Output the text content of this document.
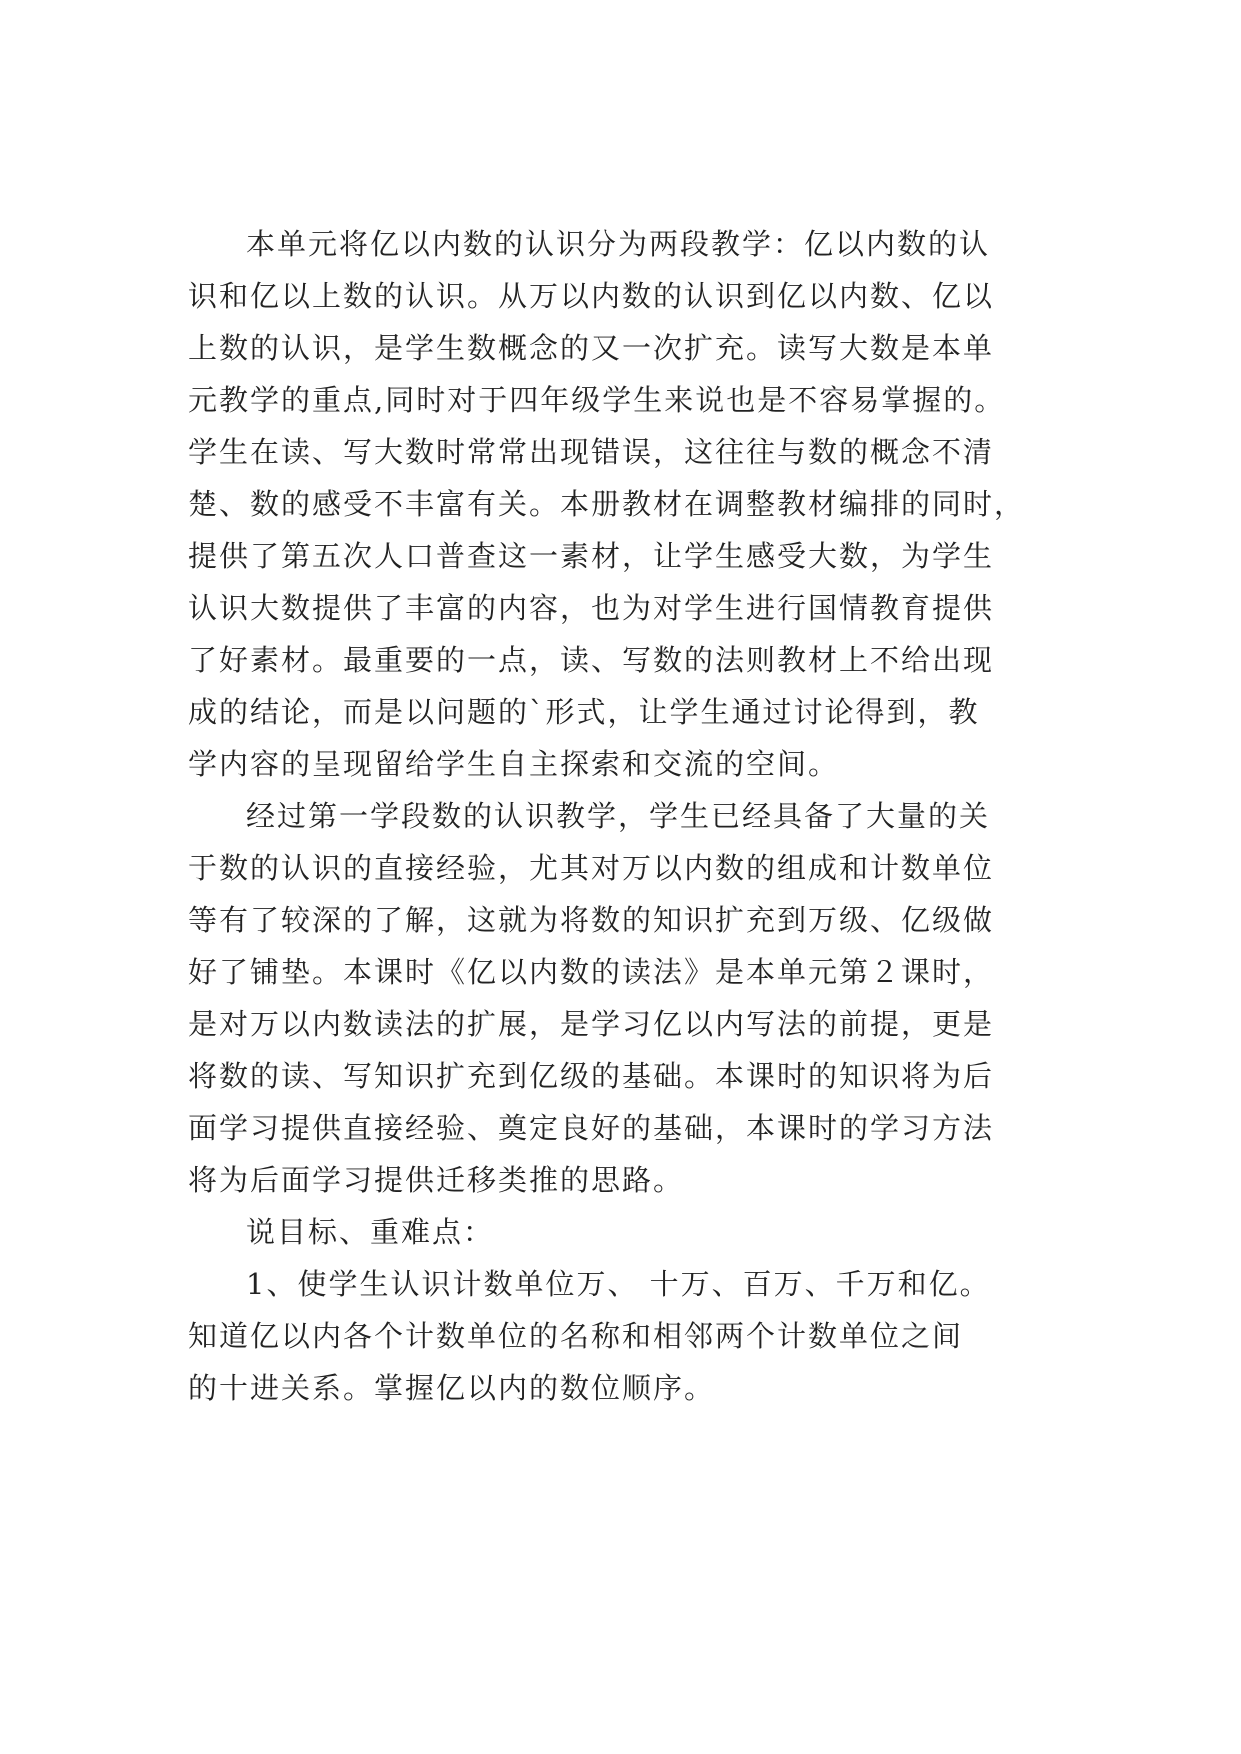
本单元将亿以内数的认识分为两段教学：亿以内数的认
识和亿以上数的认识。从万以内数的认识到亿以内数、亿以
上数的认识，是学生数概念的又一次扩充。读写大数是本单
元教学的重点,同时对于四年级学生来说也是不容易掌握的。
学生在读、写大数时常常出现错误，这往往与数的概念不清
楚、数的感受不丰富有关。本册教材在调整教材编排的同时，
提供了第五次人口普查这一素材，让学生感受大数，为学生
认识大数提供了丰富的内容，也为对学生进行国情教育提供
了好素材。最重要的一点，读、写数的法则教材上不给出现
成的结论，而是以问题的`形式，让学生通过讨论得到，教
学内容的呈现留给学生自主探索和交流的空间。
经过第一学段数的认识教学，学生已经具备了大量的关
于数的认识的直接经验，尤其对万以内数的组成和计数单位
等有了较深的了解，这就为将数的知识扩充到万级、亿级做
好了铺垫。本课时《亿以内数的读法》是本单元第２课时，
是对万以内数读法的扩展，是学习亿以内写法的前提，更是
将数的读、写知识扩充到亿级的基础。本课时的知识将为后
面学习提供直接经验、奠定良好的基础，本课时的学习方法
将为后面学习提供迁移类推的思路。
说目标、重难点：
1、使学生认识计数单位万、 十万、百万、千万和亿。
知道亿以内各个计数单位的名称和相邻两个计数单位之间
的十进关系。掌握亿以内的数位顺序。
